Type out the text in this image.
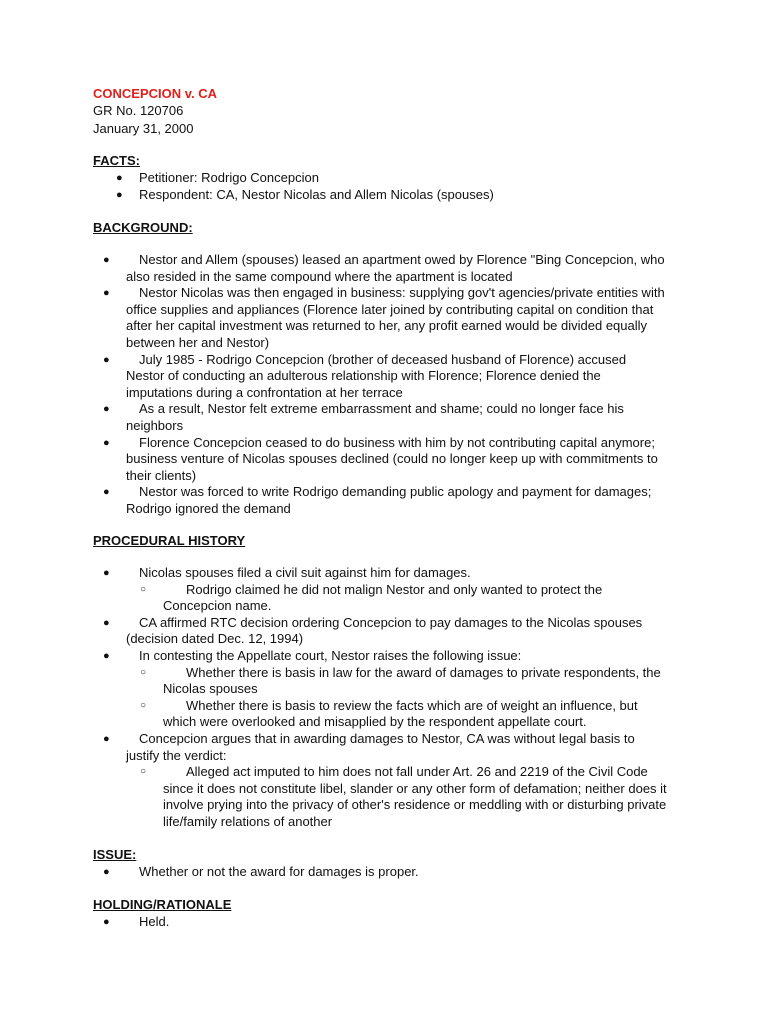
CONCEPCION v. CA
GR No. 120706
January 31, 2000
FACTS:
● Petitioner: Rodrigo Concepcion
● Respondent: CA, Nestor Nicolas and Allem Nicolas (spouses)
BACKGROUND:
●	Nestor and Allem (spouses) leased an apartment owed by Florence "Bing Concepcion, who also resided in the same compound where the apartment is located
●	Nestor Nicolas was then engaged in business: supplying gov't agencies/private entities with office supplies and appliances (Florence later joined by contributing capital on condition that after her capital investment was returned to her, any profit earned would be divided equally between her and Nestor)
●	July 1985 - Rodrigo Concepcion (brother of deceased husband of Florence) accused Nestor of conducting an adulterous relationship with Florence; Florence denied the imputations during a confrontation at her terrace
●	As a result, Nestor felt extreme embarrassment and shame; could no longer face his neighbors
●	Florence Concepcion ceased to do business with him by not contributing capital anymore; business venture of Nicolas spouses declined (could no longer keep up with commitments to their clients)
●	Nestor was forced to write Rodrigo demanding public apology and payment for damages; Rodrigo ignored the demand
PROCEDURAL HISTORY
●	Nicolas spouses filed a civil suit against him for damages.
○	Rodrigo claimed he did not malign Nestor and only wanted to protect the Concepcion name.
●	CA affirmed RTC decision ordering Concepcion to pay damages to the Nicolas spouses (decision dated Dec. 12, 1994)
●	In contesting the Appellate court, Nestor raises the following issue:
○	Whether there is basis in law for the award of damages to private respondents, the Nicolas spouses
○	Whether there is basis to review the facts which are of weight an influence, but which were overlooked and misapplied by the respondent appellate court.
●	Concepcion argues that in awarding damages to Nestor, CA was without legal basis to justify the verdict:
○	Alleged act imputed to him does not fall under Art. 26 and 2219 of the Civil Code since it does not constitute libel, slander or any other form of defamation; neither does it involve prying into the privacy of other's residence or meddling with or disturbing private life/family relations of another
ISSUE:
●	Whether or not the award for damages is proper.
HOLDING/RATIONALE
●	Held.
